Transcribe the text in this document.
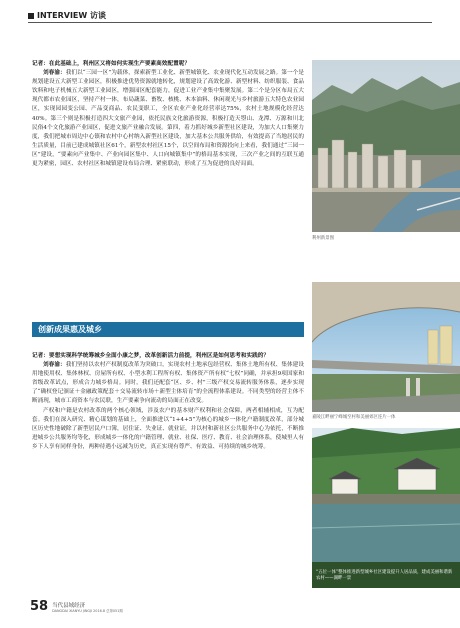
INTERVIEW 访谈

记者：在此基础上，利州区又将如何实现生产要素高效配置呢？

刘春渝：我们以“三园一区”为载体，探索新型工业化、新型城镇化、农业现代化互动发展之路。第一个是规划建设五大新型工业园区，积极推进优势资源就地转化，规划建设了高效化游、新型材料、纺织服装、食品饮料和电子机械五大新型工业园区，增强园区配套能力，促进工业产业集中集聚发展。第二个是分区布局五大现代都市农业园区，坚持产村一体，布局蔬菜、畜牧、核桃、木本油料、休闲观光与乡村旅游五大特色农业园区，实现园园变公园、产品变商品、农民变职工，全区农业产业化经营率达75%，农村土地规模化经营达40%。第三个则是积极打造四大文旅产业园，依托民族文化旅游资源，积极打造天曌山、龙潭、万源和川北民俗4个文化旅游产业园区，促进文旅产业融合发展。第四，着力抓好城乡新型社区建设，为加大人口集聚力度，我们把城市周边中心镇和农村中心村纳入新型社区建设，加大基本公共服务供给，有效提高了当地居民的生活质量，目前已建成城镇社区61个，新型农村社区15个，以空间布局和资源投向上来看，我们通过“三园一区”建设，“要素向产业集中、产业向园区集中、人口向城镇集中”的格局基本实现，三次产业之间的互联互通更为紧密，园区、农村社区和城镇建设布局合理、紧密联动，形成了互为促进的良好局面。

创新成果惠及城乡

记者：要想实现科学统筹城乡全面小康之梦，改革创新活力前提，利州区是如何思考和实践的？

刘春渝：我们坚持以农村产权制度改革为突破口，实现农村土地承包经营权、集体土地所有权、集体建设用地使用权、集体林权、房屋所有权、小型水利工程所有权、集体资产所有权“七权”同确，并承担9项国家和省级改革试点，形成合力城乡格局。同时，我们还配套“区、乡、村”三级产权交易流转服务体系，逐步实现了“确权登记颁证＋金融政策配套＋交易流转市场＋新型主体培育”的全流程体系建设。不同类型的经营主体不断涌现，城市工商资本与农民联，生产要素争向流动的局面正在改变。

产权和户籍是农村改革的两个核心领域，涉及农户的基本财产权利和社会保障，两者相辅相成，互为配套。我们在深入研究、精心谋划的基础上，全面推进以“1+4+5”为核心的城乡一体化户籍制度改革，部分城区历史性地破除了新型居民户口簿，居住证、失业证、就业证，并以村和新社区公共服务中心为依托，不断推进城乡公共服务均等化，形成城乡一体化的户籍管理、就业、社保、医疗、教育、社会治理体系，使城里人有乡下人享有同样身份，两种待遇小远减为历史，真正实现有尊严、有效益、可持续的城乡统筹。

利州新景图
嘉陵江畔丽宁峰城至村和美丽郊区连片一体
“五位一体”整体推进新型城乡社区建设提升人居品质，建成美丽和谐新农村——湖畔一景
58 当代县域经济
DANGDAI XIANYU JINGJI 2016.8 总第051期
